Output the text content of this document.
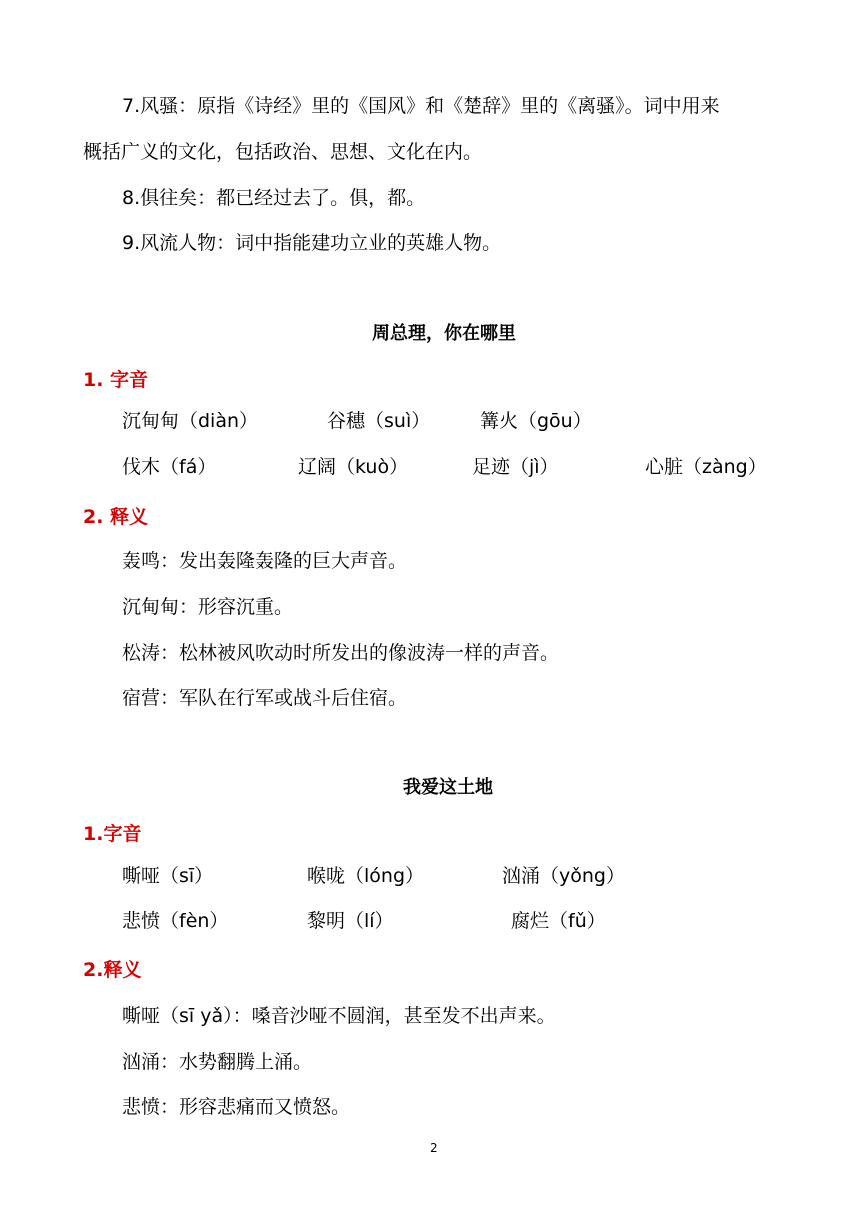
7.风骚：原指《诗经》里的《国风》和《楚辞》里的《离骚》。词中用来
概括广义的文化，包括政治、思想、文化在内。
8.俱往矣：都已经过去了。俱，都。
9.风流人物：词中指能建功立业的英雄人物。
周总理，你在哪里
1. 字音
沉甸甸（diàn）	谷穗（suì）	篝火（gōu）
伐木（fá）	辽阔（kuò）	足迹（jì）	心脏（zàng）
2. 释义
轰鸣：发出轰隆轰隆的巨大声音。
沉甸甸：形容沉重。
松涛：松林被风吹动时所发出的像波涛一样的声音。
宿营：军队在行军或战斗后住宿。
我爱这土地
1.字音
嘶哑（sī）	喉咙（lóng）	汹涌（yǒng）
悲愤（fèn）	黎明（lí）	腐烂（fǔ）
2.释义
嘶哑（sī yǎ）：嗓音沙哑不圆润，甚至发不出声来。
汹涌：水势翻腾上涌。
悲愤：形容悲痛而又愤怒。
2
